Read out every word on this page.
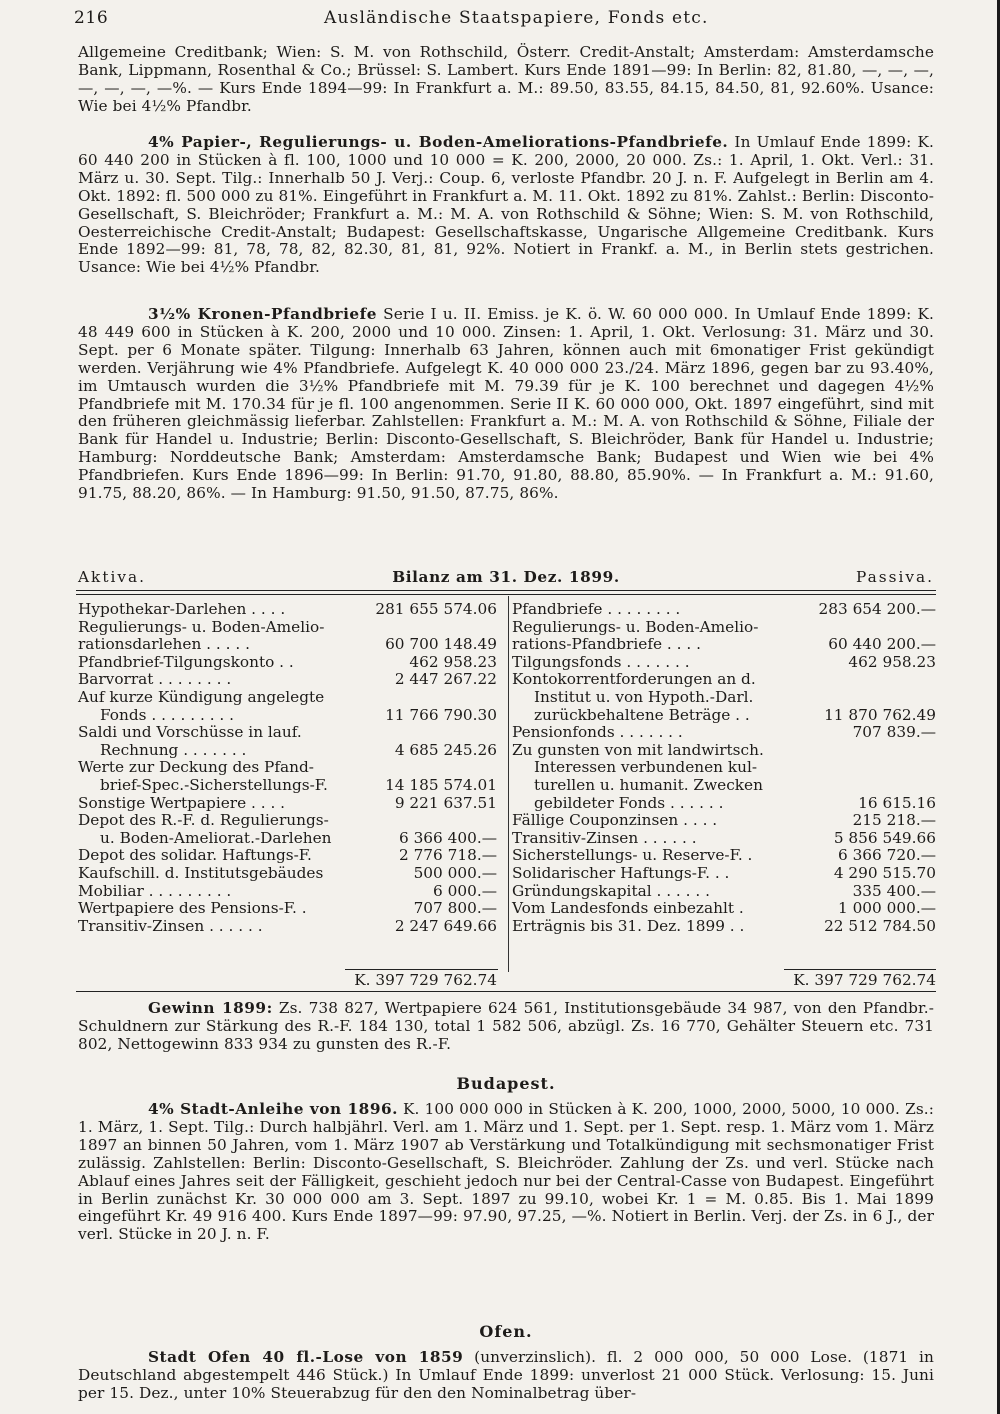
216	Ausländische Staatspapiere, Fonds etc.

Allgemeine Creditbank; Wien: S. M. von Rothschild, Österr. Credit-Anstalt; Amsterdam: Amsterdamsche Bank, Lippmann, Rosenthal & Co.; Brüssel: S. Lambert. Kurs Ende 1891—99: In Berlin: 82, 81.80, —, —, —, —, —, —, —%. — Kurs Ende 1894—99: In Frankfurt a. M.: 89.50, 83.55, 84.15, 84.50, 81, 92.60%. Usance: Wie bei 4½% Pfandbr.

4% Papier-, Regulierungs- u. Boden-Ameliorations-Pfandbriefe. In Umlauf Ende 1899: K. 60 440 200 in Stücken à fl. 100, 1000 und 10 000 = K. 200, 2000, 20 000. Zs.: 1. April, 1. Okt. Verl.: 31. März u. 30. Sept. Tilg.: Innerhalb 50 J. Verj.: Coup. 6, verloste Pfandbr. 20 J. n. F. Aufgelegt in Berlin am 4. Okt. 1892: fl. 500 000 zu 81%. Eingeführt in Frankfurt a. M. 11. Okt. 1892 zu 81%. Zahlst.: Berlin: Disconto-Gesellschaft, S. Bleichröder; Frankfurt a. M.: M. A. von Rothschild & Söhne; Wien: S. M. von Rothschild, Oesterreichische Credit-Anstalt; Budapest: Gesellschaftskasse, Ungarische Allgemeine Creditbank. Kurs Ende 1892—99: 81, 78, 78, 82, 82.30, 81, 81, 92%. Notiert in Frankf. a. M., in Berlin stets gestrichen. Usance: Wie bei 4½% Pfandbr.

3½% Kronen-Pfandbriefe Serie I u. II. Emiss. je K. ö. W. 60 000 000. In Umlauf Ende 1899: K. 48 449 600 in Stücken à K. 200, 2000 und 10 000. Zinsen: 1. April, 1. Okt. Verlosung: 31. März und 30. Sept. per 6 Monate später. Tilgung: Innerhalb 63 Jahren, können auch mit 6monatiger Frist gekündigt werden. Verjährung wie 4% Pfandbriefe. Aufgelegt K. 40 000 000 23./24. März 1896, gegen bar zu 93.40%, im Umtausch wurden die 3½% Pfandbriefe mit M. 79.39 für je K. 100 berechnet und dagegen 4½% Pfandbriefe mit M. 170.34 für je fl. 100 angenommen. Serie II K. 60 000 000, Okt. 1897 eingeführt, sind mit den früheren gleichmässig lieferbar. Zahlstellen: Frankfurt a. M.: M. A. von Rothschild & Söhne, Filiale der Bank für Handel u. Industrie; Berlin: Disconto-Gesellschaft, S. Bleichröder, Bank für Handel u. Industrie; Hamburg: Norddeutsche Bank; Amsterdam: Amsterdamsche Bank; Budapest und Wien wie bei 4% Pfandbriefen. Kurs Ende 1896—99: In Berlin: 91.70, 91.80, 88.80, 85.90%. — In Frankfurt a. M.: 91.60, 91.75, 88.20, 86%. — In Hamburg: 91.50, 91.50, 87.75, 86%.

Aktiva.	Bilanz am 31. Dez. 1899.	Passiva.
Hypothekar-Darlehen . . . .	281 655 574.06
Regulierungs- u. Boden-Amelio-
rationsdarlehen . . . . .	60 700 148.49
Pfandbrief-Tilgungskonto . .	462 958.23
Barvorrat . . . . . . . .	2 447 267.22
Auf kurze Kündigung angelegte
Fonds . . . . . . . . .	11 766 790.30
Saldi und Vorschüsse in lauf.
Rechnung . . . . . . .	4 685 245.26
Werte zur Deckung des Pfand-
brief-Spec.-Sicherstellungs-F.	14 185 574.01
Sonstige Wertpapiere . . . .	9 221 637.51
Depot des R.-F. d. Regulierungs-
u. Boden-Ameliorat.-Darlehen	6 366 400.—
Depot des solidar. Haftungs-F.	2 776 718.—
Kaufschill. d. Institutsgebäudes	500 000.—
Mobiliar . . . . . . . . .	6 000.—
Wertpapiere des Pensions-F. .	707 800.—
Transitiv-Zinsen . . . . . .	2 247 649.66
Pfandbriefe . . . . . . . .	283 654 200.—
Regulierungs- u. Boden-Amelio-
rations-Pfandbriefe . . . .	60 440 200.—
Tilgungsfonds . . . . . . .	462 958.23
Kontokorrentforderungen an d.
Institut u. von Hypoth.-Darl.
zurückbehaltene Beträge . .	11 870 762.49
Pensionfonds . . . . . . .	707 839.—
Zu gunsten von mit landwirtsch.
Interessen verbundenen kul-
turellen u. humanit. Zwecken
gebildeter Fonds . . . . . .	16 615.16
Fällige Couponzinsen . . . .	215 218.—
Transitiv-Zinsen . . . . . .	5 856 549.66
Sicherstellungs- u. Reserve-F. .	6 366 720.—
Solidarischer Haftungs-F. . .	4 290 515.70
Gründungskapital . . . . . .	335 400.—
Vom Landesfonds einbezahlt .	1 000 000.—
Erträgnis bis 31. Dez. 1899 . .	22 512 784.50
K. 397 729 762.74	K. 397 729 762.74

Gewinn 1899: Zs. 738 827, Wertpapiere 624 561, Institutionsgebäude 34 987, von den Pfandbr.-Schuldnern zur Stärkung des R.-F. 184 130, total 1 582 506, abzügl. Zs. 16 770, Gehälter Steuern etc. 731 802, Nettogewinn 833 934 zu gunsten des R.-F.

Budapest.

4% Stadt-Anleihe von 1896. K. 100 000 000 in Stücken à K. 200, 1000, 2000, 5000, 10 000. Zs.: 1. März, 1. Sept. Tilg.: Durch halbjährl. Verl. am 1. März und 1. Sept. per 1. Sept. resp. 1. März vom 1. März 1897 an binnen 50 Jahren, vom 1. März 1907 ab Verstärkung und Totalkündigung mit sechsmonatiger Frist zulässig. Zahlstellen: Berlin: Disconto-Gesellschaft, S. Bleichröder. Zahlung der Zs. und verl. Stücke nach Ablauf eines Jahres seit der Fälligkeit, geschieht jedoch nur bei der Central-Casse von Budapest. Eingeführt in Berlin zunächst Kr. 30 000 000 am 3. Sept. 1897 zu 99.10, wobei Kr. 1 = M. 0.85. Bis 1. Mai 1899 eingeführt Kr. 49 916 400. Kurs Ende 1897—99: 97.90, 97.25, —%. Notiert in Berlin. Verj. der Zs. in 6 J., der verl. Stücke in 20 J. n. F.

Ofen.

Stadt Ofen 40 fl.-Lose von 1859 (unverzinslich). fl. 2 000 000, 50 000 Lose. (1871 in Deutschland abgestempelt 446 Stück.) In Umlauf Ende 1899: unverlost 21 000 Stück. Verlosung: 15. Juni per 15. Dez., unter 10% Steuerabzug für den den Nominalbetrag über-
